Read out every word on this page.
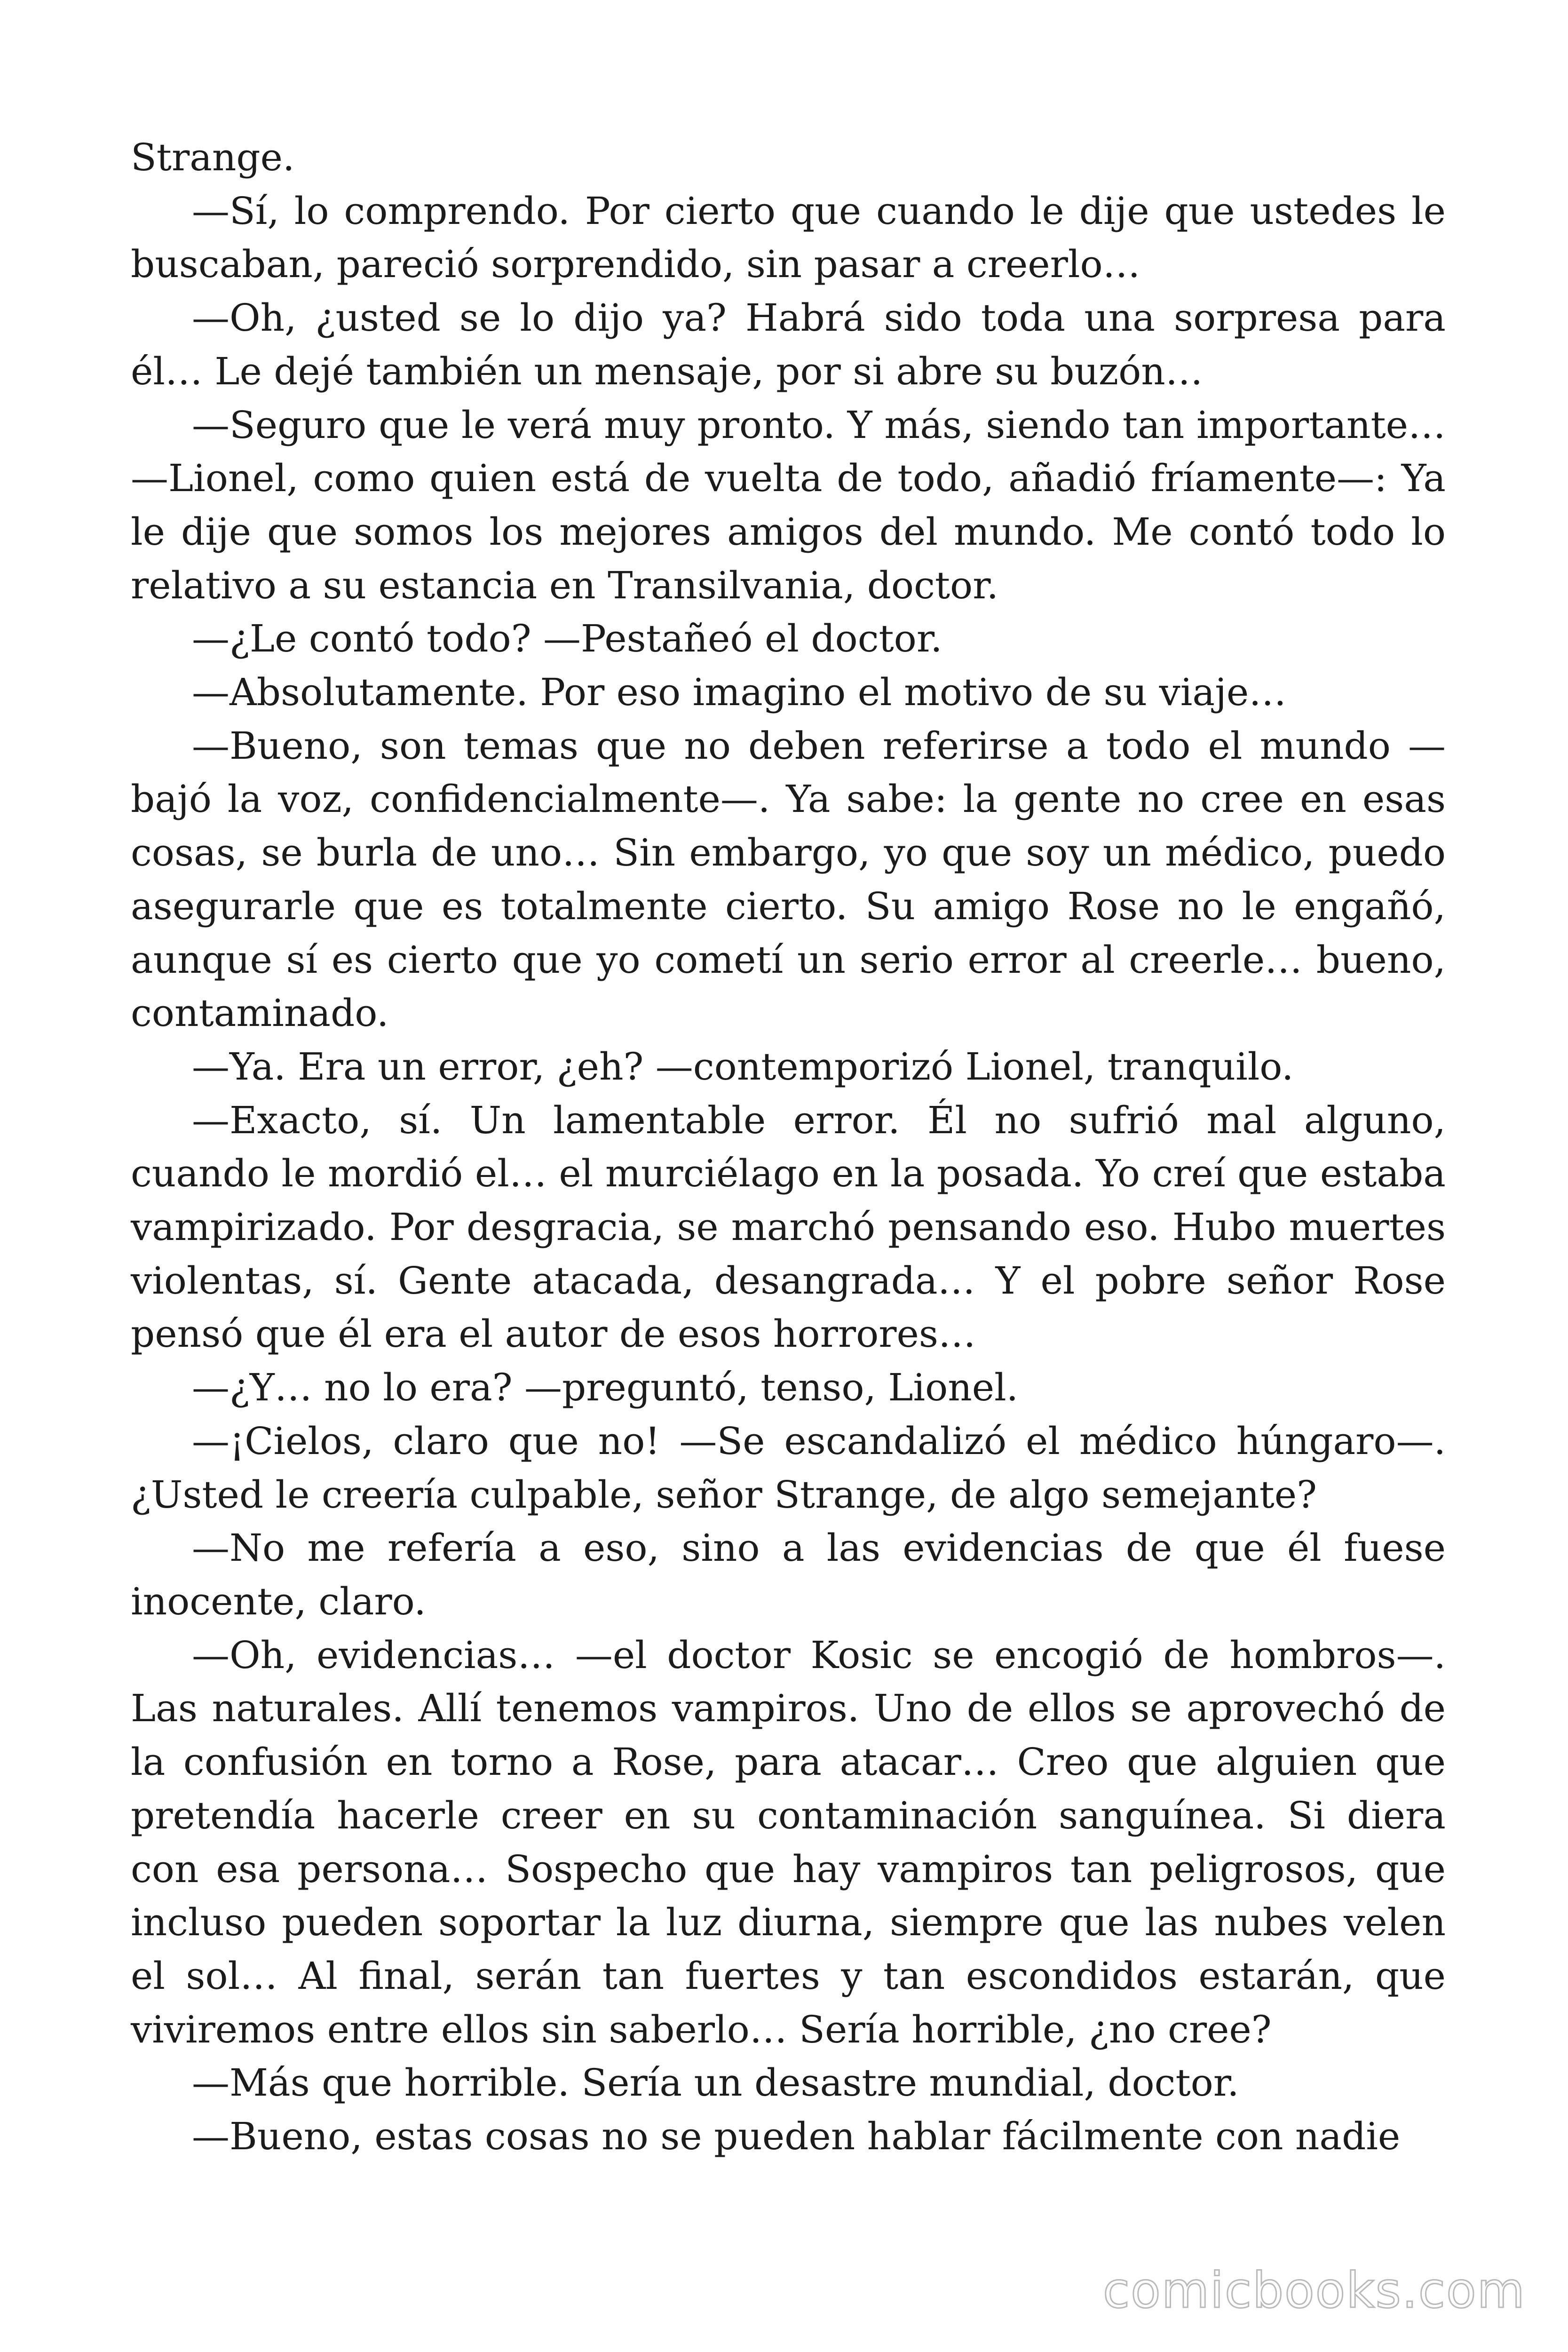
Strange.

—Sí, lo comprendo. Por cierto que cuando le dije que ustedes le buscaban, pareció sorprendido, sin pasar a creerlo…

—Oh, ¿usted se lo dijo ya? Habrá sido toda una sorpresa para él… Le dejé también un mensaje, por si abre su buzón…

—Seguro que le verá muy pronto. Y más, siendo tan importante… —Lionel, como quien está de vuelta de todo, añadió fríamente—: Ya le dije que somos los mejores amigos del mundo. Me contó todo lo relativo a su estancia en Transilvania, doctor.

—¿Le contó todo? —Pestañeó el doctor.

—Absolutamente. Por eso imagino el motivo de su viaje…

—Bueno, son temas que no deben referirse a todo el mundo —bajó la voz, confidencialmente—. Ya sabe: la gente no cree en esas cosas, se burla de uno… Sin embargo, yo que soy un médico, puedo asegurarle que es totalmente cierto. Su amigo Rose no le engañó, aunque sí es cierto que yo cometí un serio error al creerle… bueno, contaminado.

—Ya. Era un error, ¿eh? —contemporizó Lionel, tranquilo.

—Exacto, sí. Un lamentable error. Él no sufrió mal alguno, cuando le mordió el… el murciélago en la posada. Yo creí que estaba vampirizado. Por desgracia, se marchó pensando eso. Hubo muertes violentas, sí. Gente atacada, desangrada… Y el pobre señor Rose pensó que él era el autor de esos horrores…

—¿Y… no lo era? —preguntó, tenso, Lionel.

—¡Cielos, claro que no! —Se escandalizó el médico húngaro—. ¿Usted le creería culpable, señor Strange, de algo semejante?

—No me refería a eso, sino a las evidencias de que él fuese inocente, claro.

—Oh, evidencias… —el doctor Kosic se encogió de hombros—. Las naturales. Allí tenemos vampiros. Uno de ellos se aprovechó de la confusión en torno a Rose, para atacar… Creo que alguien que pretendía hacerle creer en su contaminación sanguínea. Si diera con esa persona… Sospecho que hay vampiros tan peligrosos, que incluso pueden soportar la luz diurna, siempre que las nubes velen el sol… Al final, serán tan fuertes y tan escondidos estarán, que viviremos entre ellos sin saberlo… Sería horrible, ¿no cree?

—Más que horrible. Sería un desastre mundial, doctor.

—Bueno, estas cosas no se pueden hablar fácilmente con nadie

comicbooks.com
